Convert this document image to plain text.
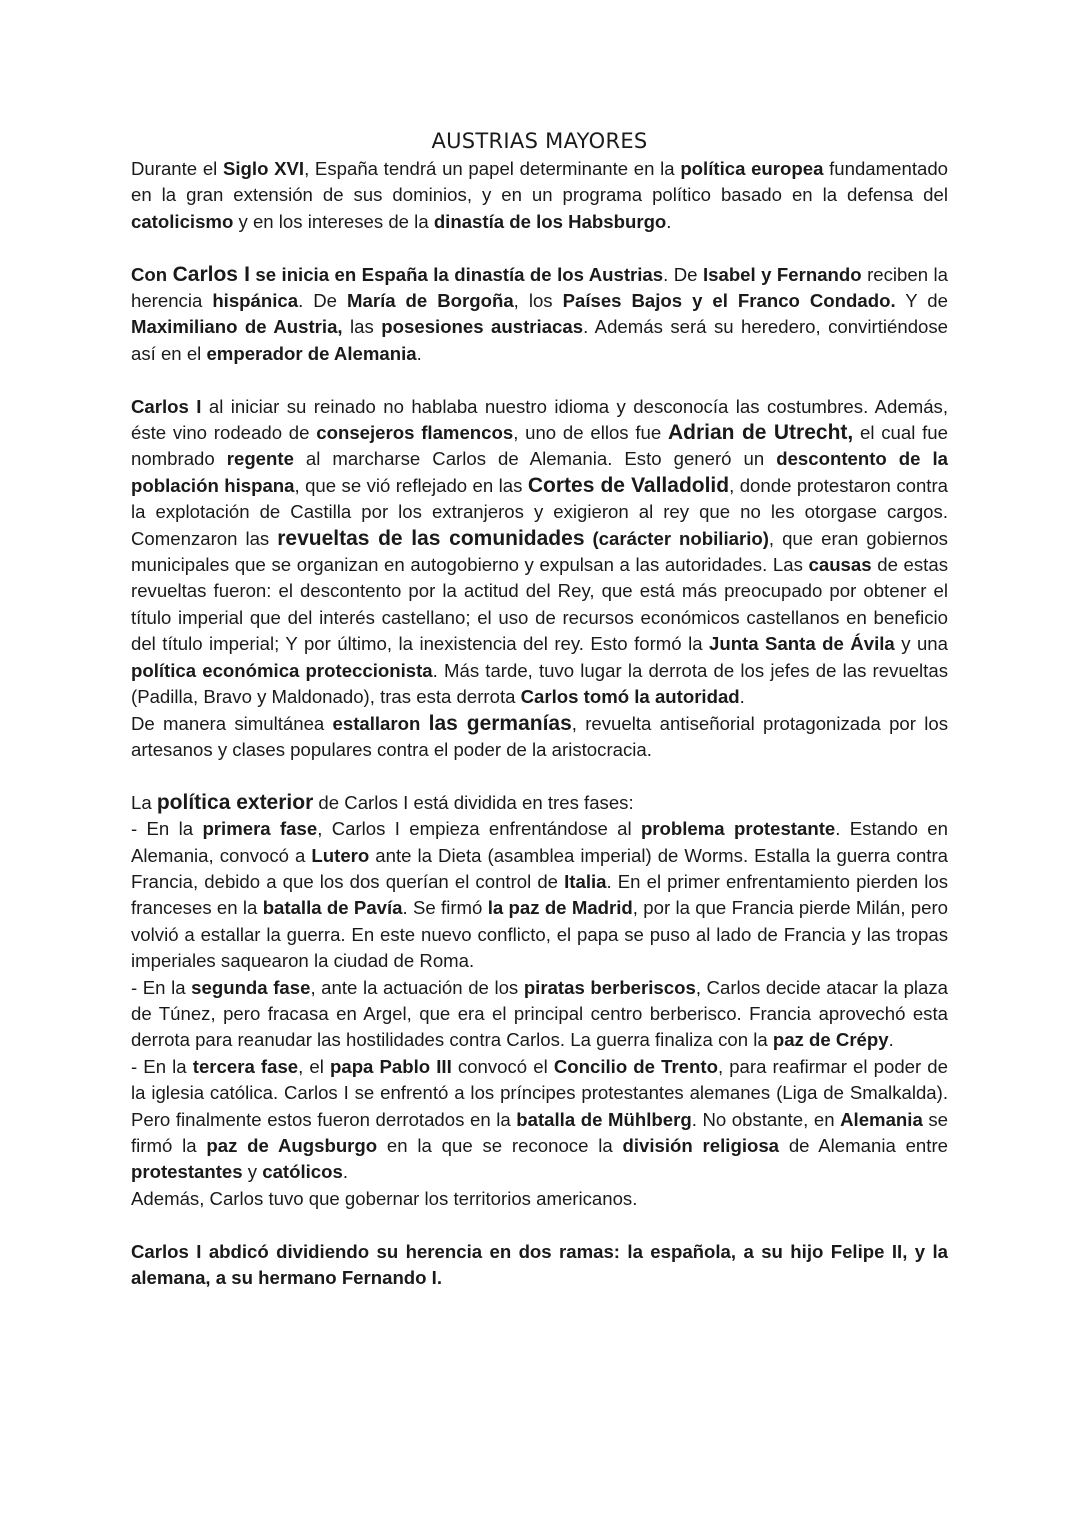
AUSTRIAS MAYORES

Durante el Siglo XVI, España tendrá un papel determinante en la política europea fundamentado en la gran extensión de sus dominios, y en un programa político basado en la defensa del catolicismo y en los intereses de la dinastía de los Habsburgo.

Con Carlos I se inicia en España la dinastía de los Austrias. De Isabel y Fernando reciben la herencia hispánica. De María de Borgoña, los Países Bajos y el Franco Condado. Y de Maximiliano de Austria, las posesiones austriacas. Además será su heredero, convirtiéndose así en el emperador de Alemania.

Carlos I al iniciar su reinado no hablaba nuestro idioma y desconocía las costumbres. Además, éste vino rodeado de consejeros flamencos, uno de ellos fue Adrian de Utrecht, el cual fue nombrado regente al marcharse Carlos de Alemania. Esto generó un descontento de la población hispana, que se vió reflejado en las Cortes de Valladolid, donde protestaron contra la explotación de Castilla por los extranjeros y exigieron al rey que no les otorgase cargos. Comenzaron las revueltas de las comunidades (carácter nobiliario), que eran gobiernos municipales que se organizan en autogobierno y expulsan a las autoridades. Las causas de estas revueltas fueron: el descontento por la actitud del Rey, que está más preocupado por obtener el título imperial que del interés castellano; el uso de recursos económicos castellanos en beneficio del título imperial; Y por último, la inexistencia del rey. Esto formó la Junta Santa de Ávila y una política económica proteccionista. Más tarde, tuvo lugar la derrota de los jefes de las revueltas (Padilla, Bravo y Maldonado), tras esta derrota Carlos tomó la autoridad.

De manera simultánea estallaron las germanías, revuelta antiseñorial protagonizada por los artesanos y clases populares contra el poder de la aristocracia.

La política exterior de Carlos I está dividida en tres fases:

- En la primera fase, Carlos I empieza enfrentándose al problema protestante. Estando en Alemania, convocó a Lutero ante la Dieta (asamblea imperial) de Worms. Estalla la guerra contra Francia, debido a que los dos querían el control de Italia. En el primer enfrentamiento pierden los franceses en la batalla de Pavía. Se firmó la paz de Madrid, por la que Francia pierde Milán, pero volvió a estallar la guerra. En este nuevo conflicto, el papa se puso al lado de Francia y las tropas imperiales saquearon la ciudad de Roma.

- En la segunda fase, ante la actuación de los piratas berberiscos, Carlos decide atacar la plaza de Túnez, pero fracasa en Argel, que era el principal centro berberisco. Francia aprovechó esta derrota para reanudar las hostilidades contra Carlos. La guerra finaliza con la paz de Crépy.

- En la tercera fase, el papa Pablo III convocó el Concilio de Trento, para reafirmar el poder de la iglesia católica. Carlos I se enfrentó a los príncipes protestantes alemanes (Liga de Smalkalda). Pero finalmente estos fueron derrotados en la batalla de Mühlberg. No obstante, en Alemania se firmó la paz de Augsburgo en la que se reconoce la división religiosa de Alemania entre protestantes y católicos.

Además, Carlos tuvo que gobernar los territorios americanos.

Carlos I abdicó dividiendo su herencia en dos ramas: la española, a su hijo Felipe II, y la alemana, a su hermano Fernando I.
